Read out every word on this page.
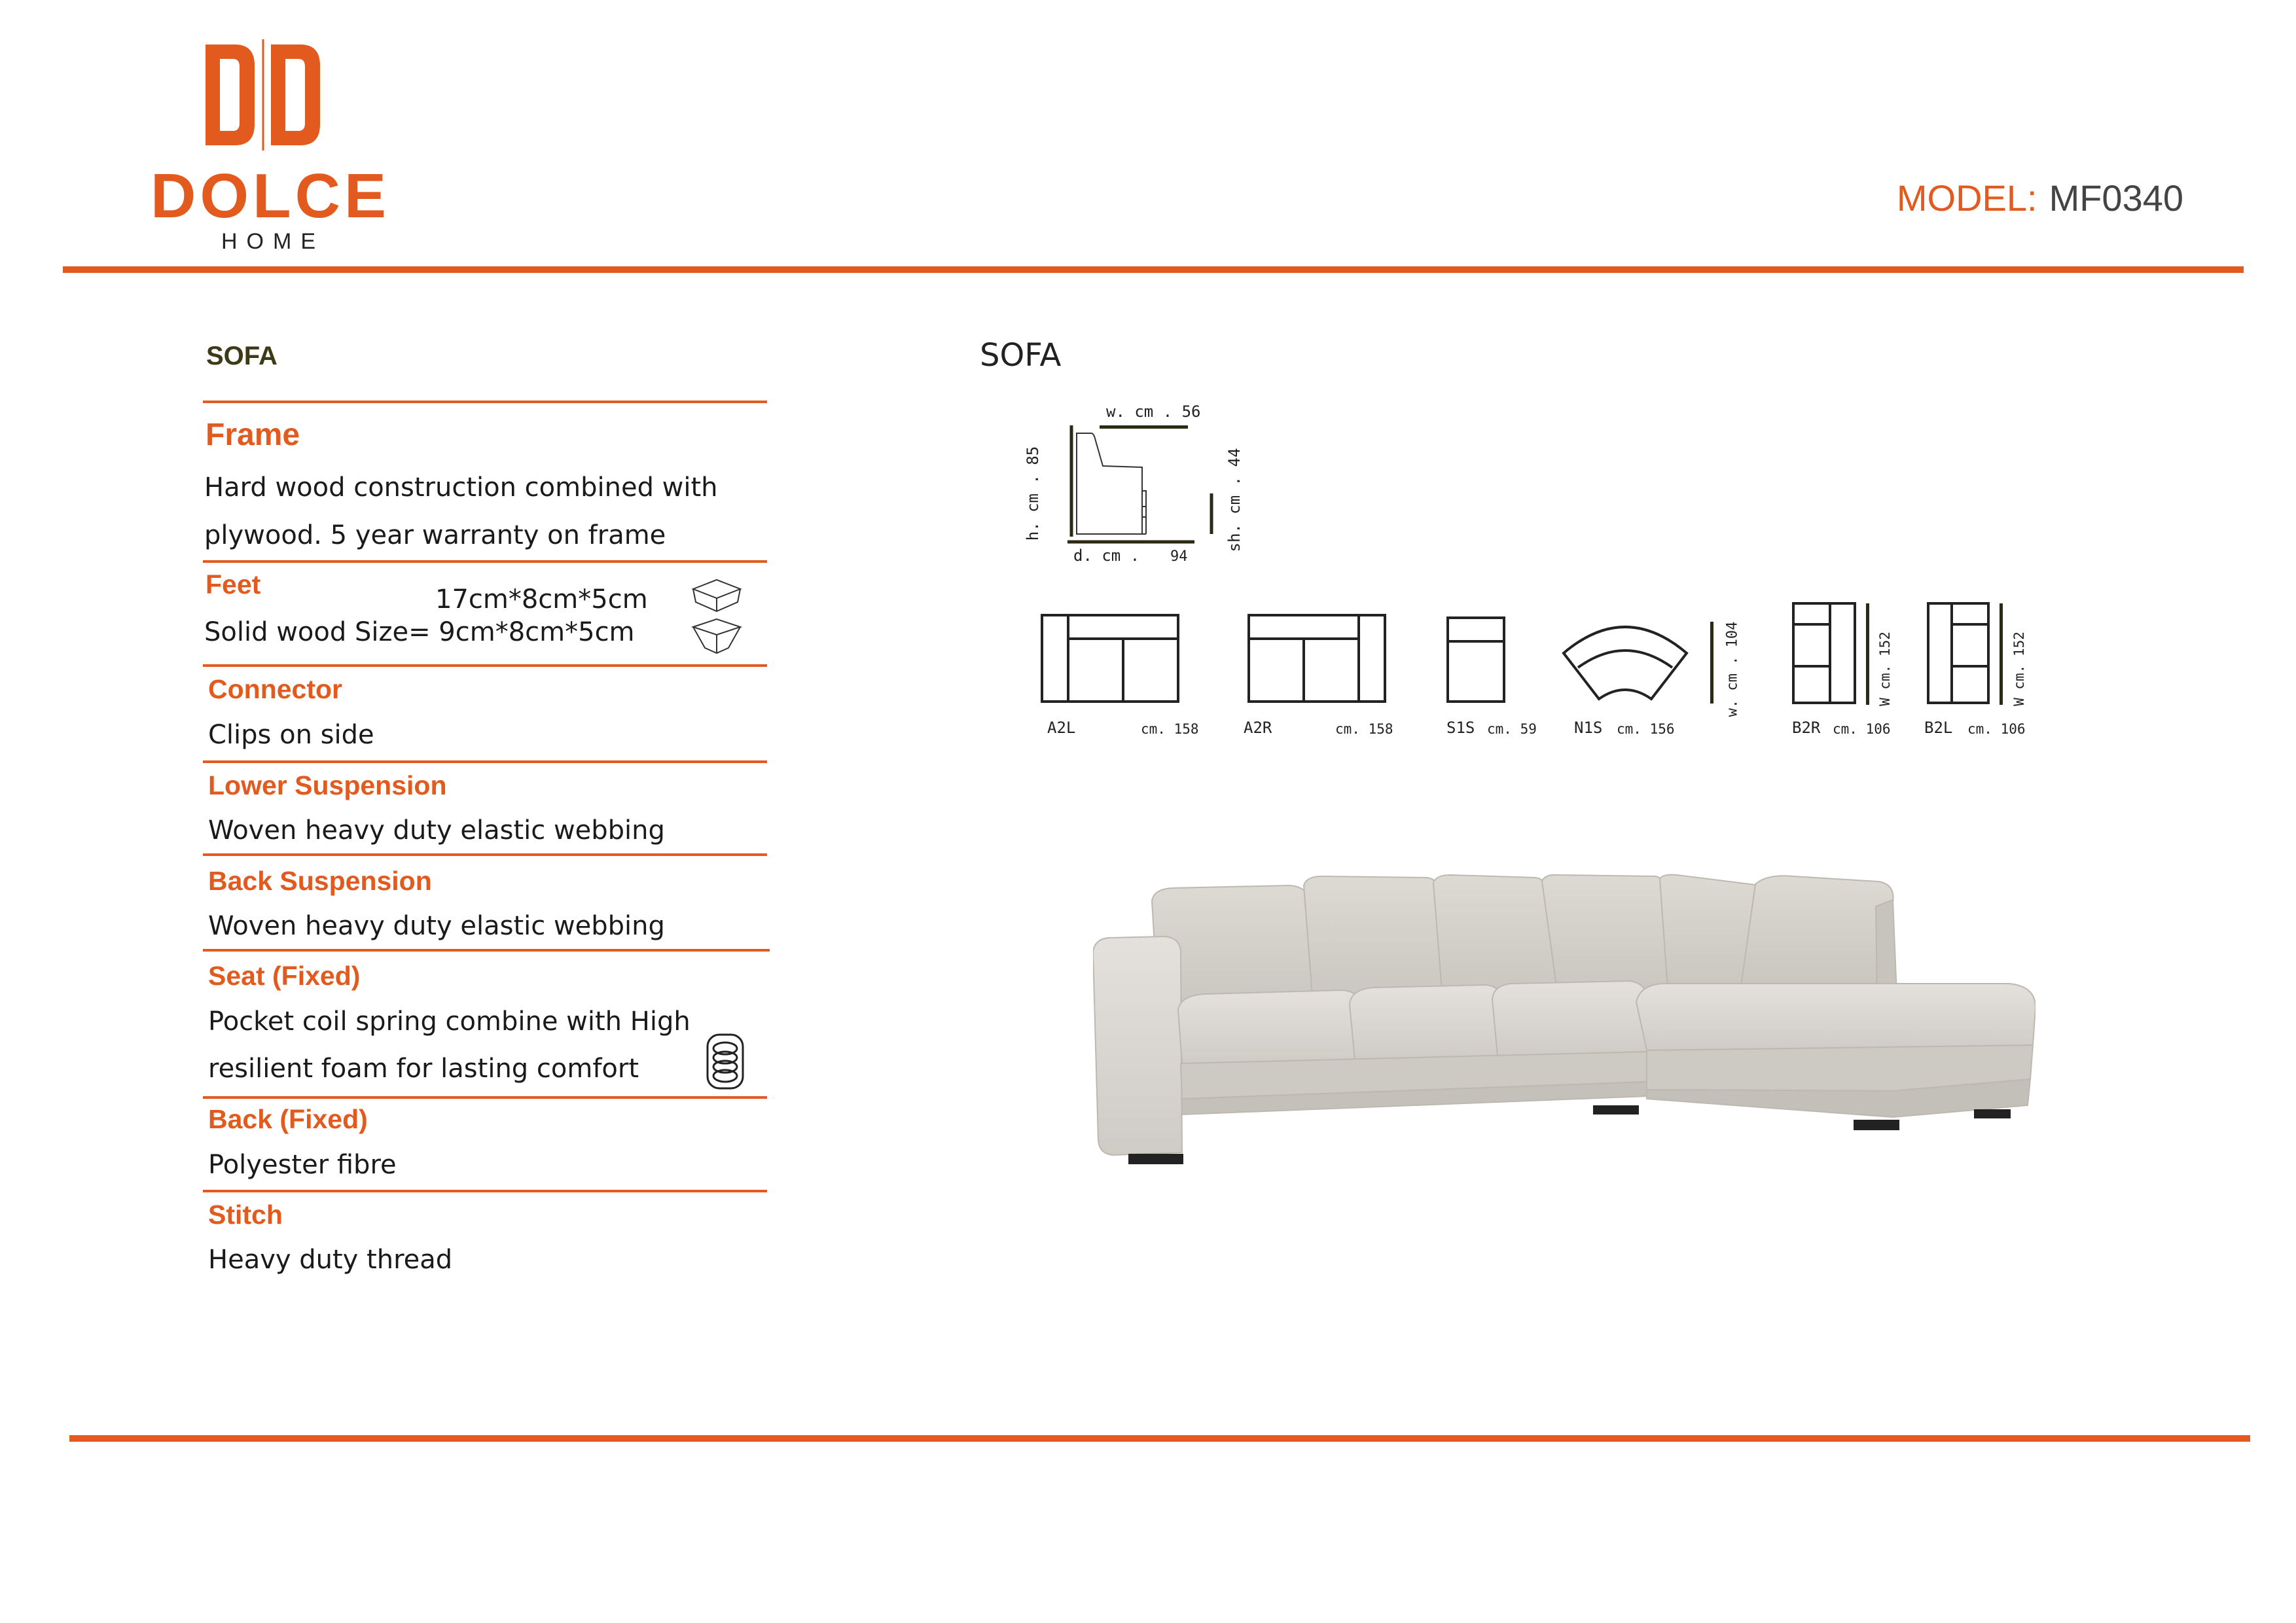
DOLCE
HOME
MODEL: MF0340
SOFA
Frame
Hard wood construction combined with
plywood. 5 year warranty on frame
Feet	17cm*8cm*5cm
Solid wood Size= 9cm*8cm*5cm
Connector
Clips on side
Lower Suspension
Woven heavy duty elastic webbing
Back Suspension
Woven heavy duty elastic webbing
Seat (Fixed)
Pocket coil spring combine with High
resilient foam for lasting comfort
Back (Fixed)
Polyester fibre
Stitch
Heavy duty thread
SOFA
w. cm . 56
h. cm . 85	sh. cm . 44
d. cm . 94
A2L	cm. 158	A2R	cm. 158	S1S cm. 59 N1S cm. 156
w. cm . 104	W cm. 152
B2R cm. 106
W cm. 152
B2L cm. 106
